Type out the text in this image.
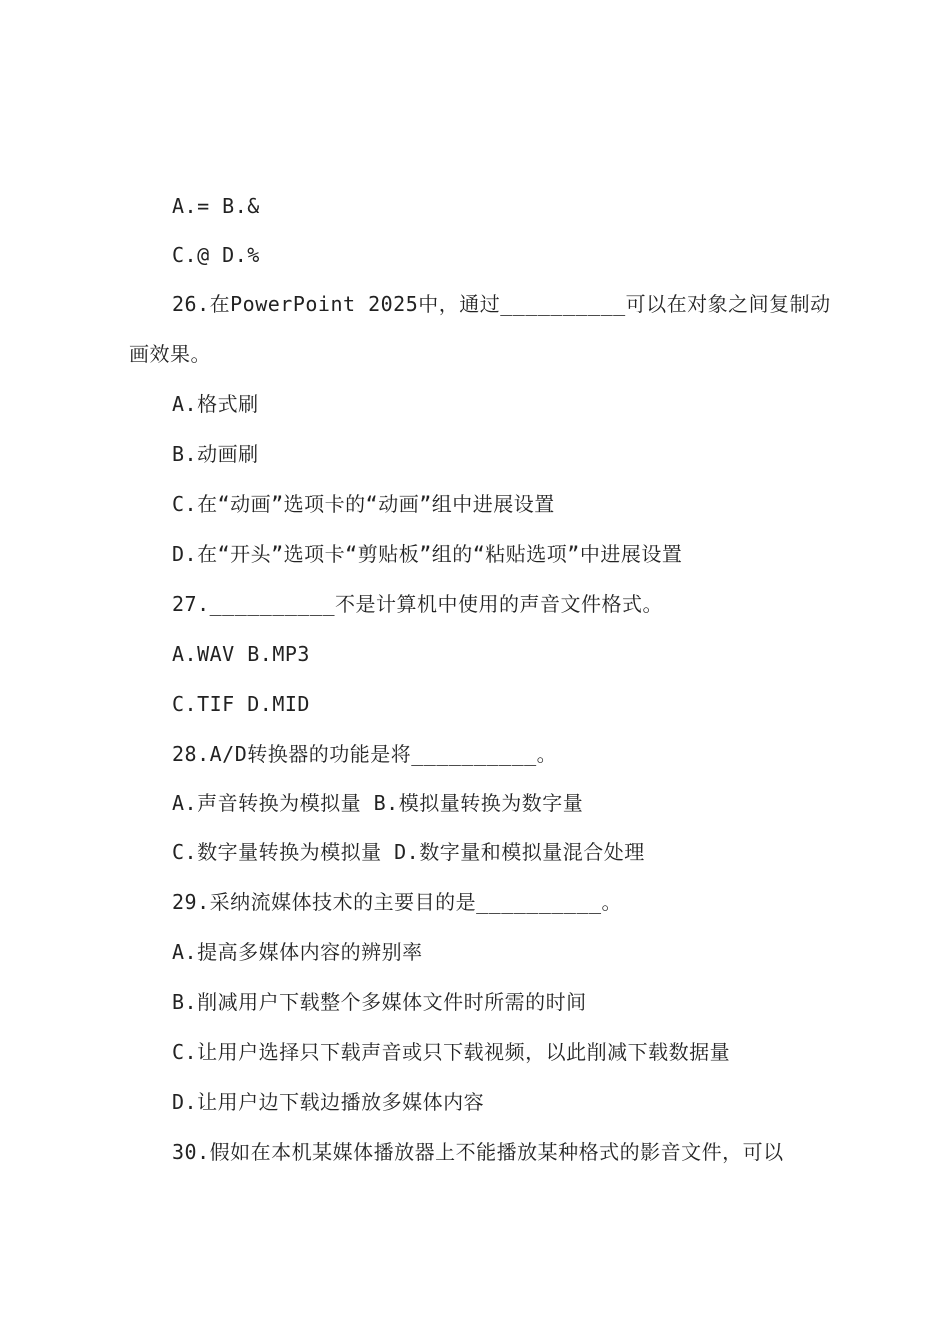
A.= B.&
C.@ D.%
26.在PowerPoint 2025中，通过__________可以在对象之间复制动
画效果。
A.格式刷
B.动画刷
C.在“动画”选项卡的“动画”组中进展设置
D.在“开头”选项卡“剪贴板”组的“粘贴选项”中进展设置
27.__________不是计算机中使用的声音文件格式。
A.WAV B.MP3
C.TIF D.MID
28.A/D转换器的功能是将__________。
A.声音转换为模拟量 B.模拟量转换为数字量
C.数字量转换为模拟量 D.数字量和模拟量混合处理
29.采纳流媒体技术的主要目的是__________。
A.提高多媒体内容的辨别率
B.削减用户下载整个多媒体文件时所需的时间
C.让用户选择只下载声音或只下载视频，以此削减下载数据量
D.让用户边下载边播放多媒体内容
30.假如在本机某媒体播放器上不能播放某种格式的影音文件，可以
